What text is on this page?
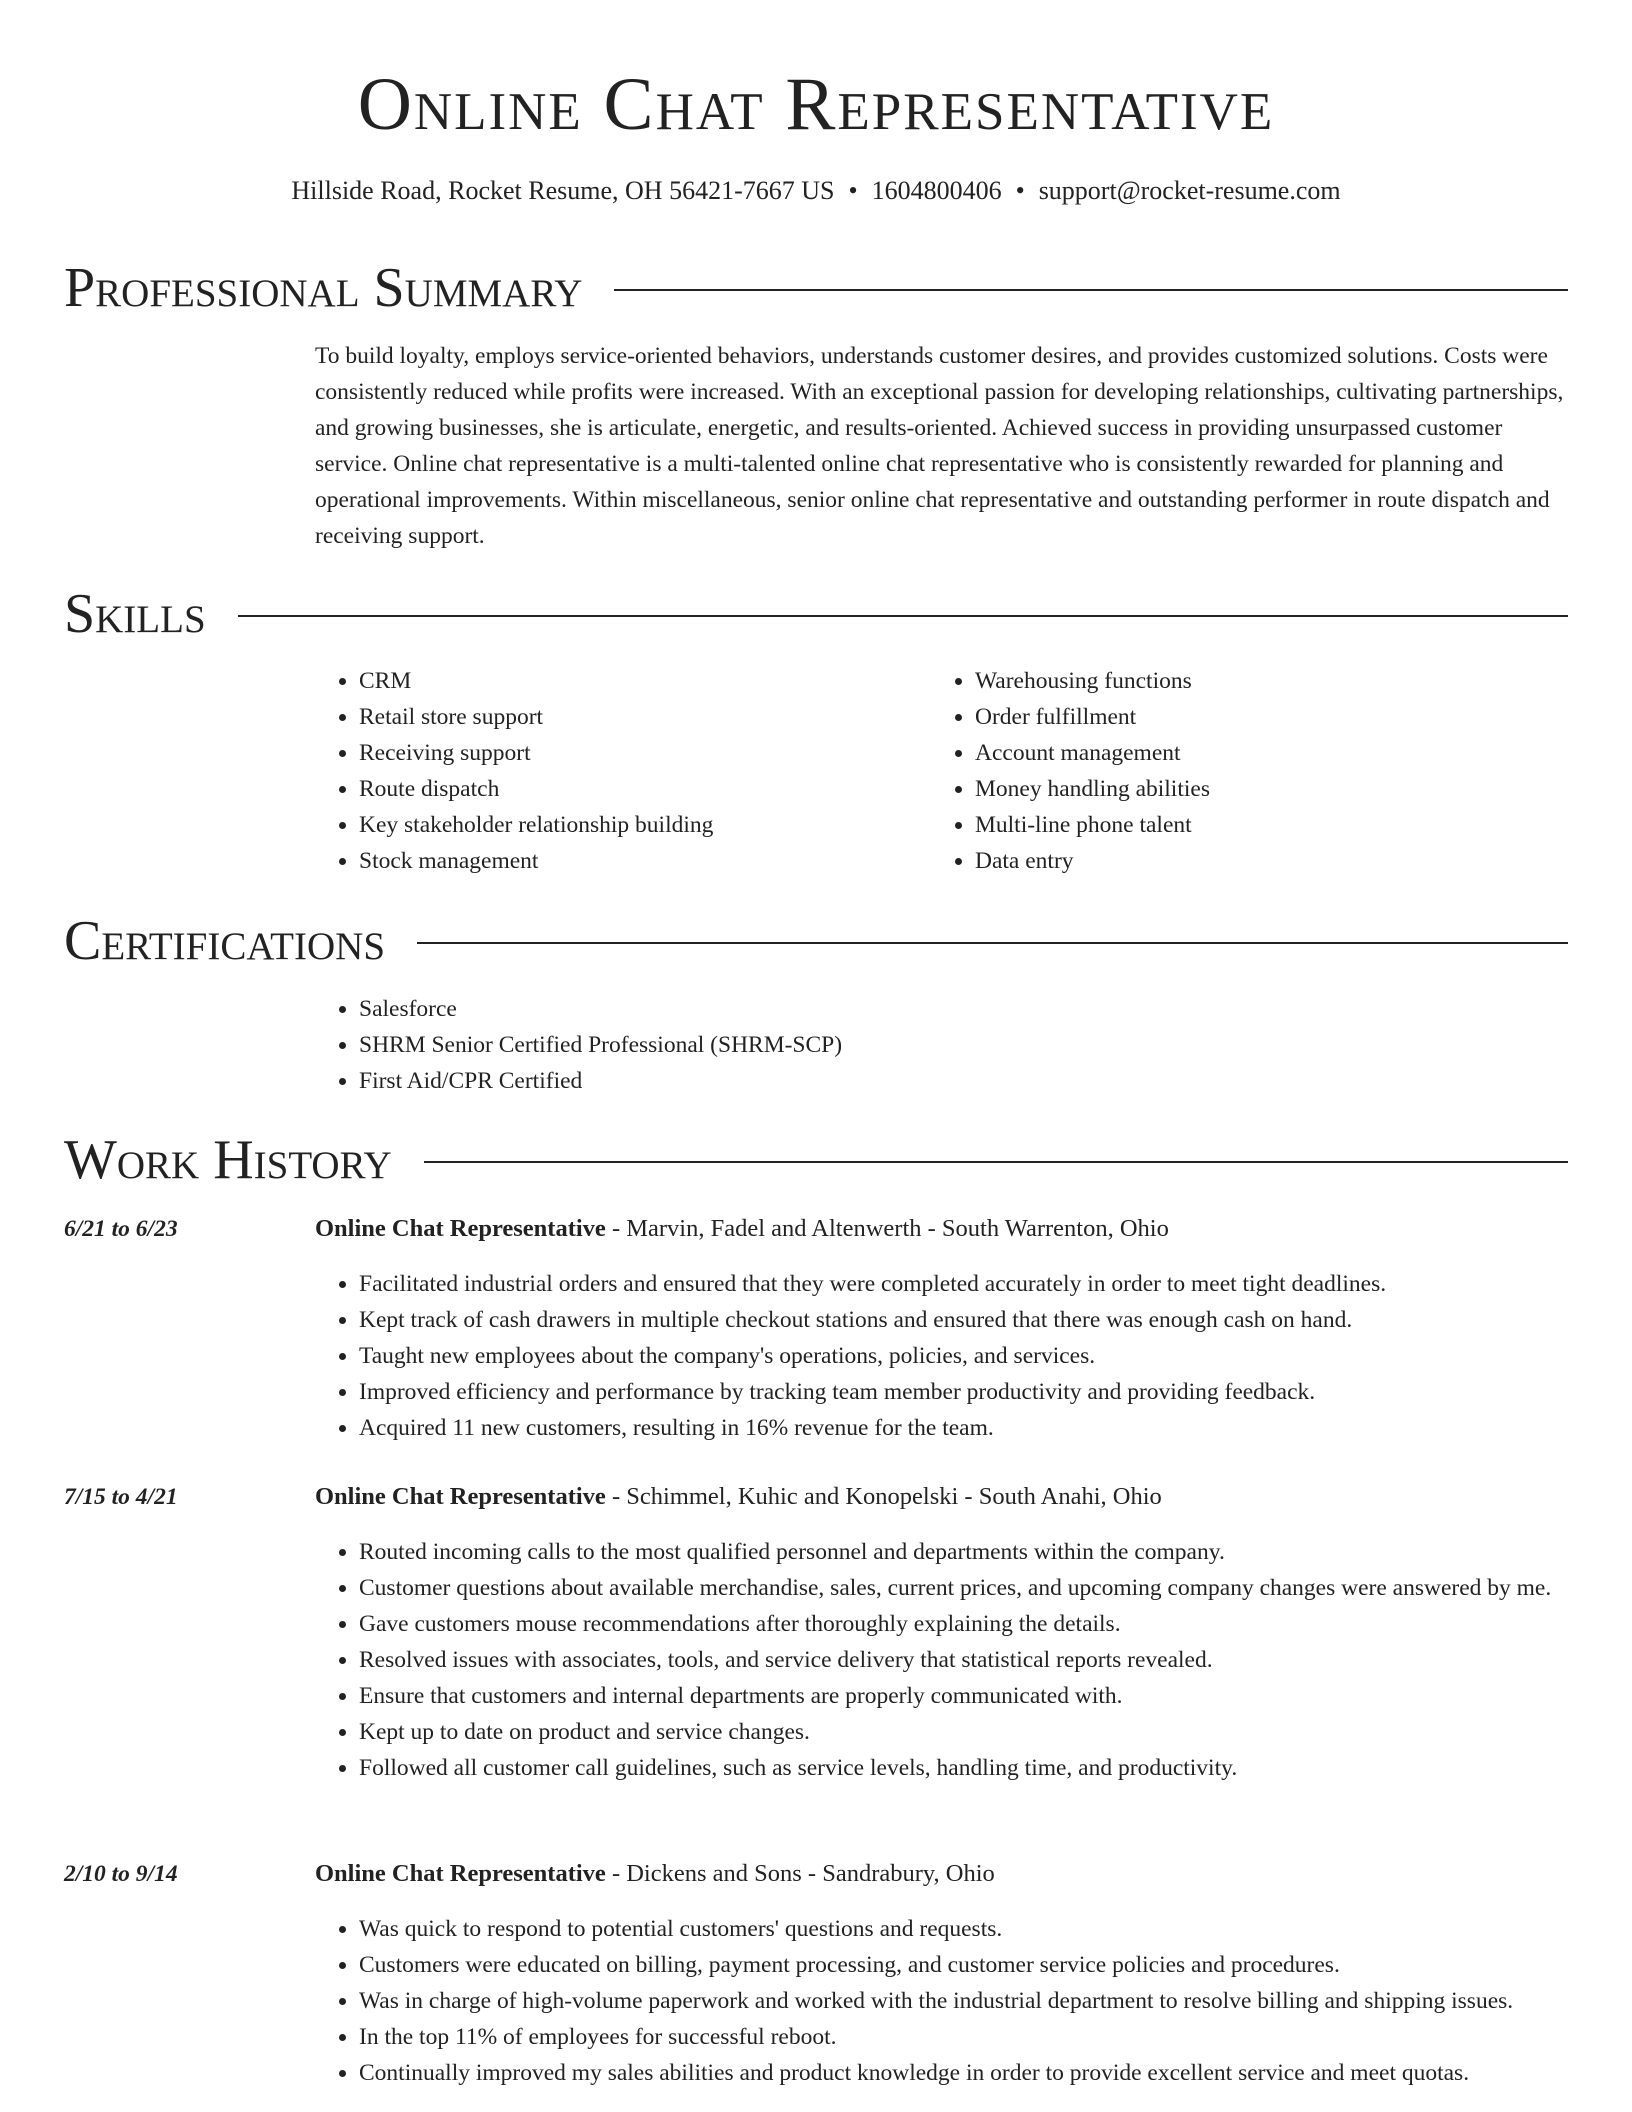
Online Chat Representative
Hillside Road, Rocket Resume, OH 56421-7667 US • 1604800406 • support@rocket-resume.com
Professional Summary
To build loyalty, employs service-oriented behaviors, understands customer desires, and provides customized solutions. Costs were consistently reduced while profits were increased. With an exceptional passion for developing relationships, cultivating partnerships, and growing businesses, she is articulate, energetic, and results-oriented. Achieved success in providing unsurpassed customer service. Online chat representative is a multi-talented online chat representative who is consistently rewarded for planning and operational improvements. Within miscellaneous, senior online chat representative and outstanding performer in route dispatch and receiving support.
Skills
• CRM
• Retail store support
• Receiving support
• Route dispatch
• Key stakeholder relationship building
• Stock management
• Warehousing functions
• Order fulfillment
• Account management
• Money handling abilities
• Multi-line phone talent
• Data entry
Certifications
• Salesforce
• SHRM Senior Certified Professional (SHRM-SCP)
• First Aid/CPR Certified
Work History
6/21 to 6/23	Online Chat Representative - Marvin, Fadel and Altenwerth - South Warrenton, Ohio
• Facilitated industrial orders and ensured that they were completed accurately in order to meet tight deadlines.
• Kept track of cash drawers in multiple checkout stations and ensured that there was enough cash on hand.
• Taught new employees about the company's operations, policies, and services.
• Improved efficiency and performance by tracking team member productivity and providing feedback.
• Acquired 11 new customers, resulting in 16% revenue for the team.
7/15 to 4/21	Online Chat Representative - Schimmel, Kuhic and Konopelski - South Anahi, Ohio
• Routed incoming calls to the most qualified personnel and departments within the company.
• Customer questions about available merchandise, sales, current prices, and upcoming company changes were answered by me.
• Gave customers mouse recommendations after thoroughly explaining the details.
• Resolved issues with associates, tools, and service delivery that statistical reports revealed.
• Ensure that customers and internal departments are properly communicated with.
• Kept up to date on product and service changes.
• Followed all customer call guidelines, such as service levels, handling time, and productivity.
2/10 to 9/14	Online Chat Representative - Dickens and Sons - Sandrabury, Ohio
• Was quick to respond to potential customers' questions and requests.
• Customers were educated on billing, payment processing, and customer service policies and procedures.
• Was in charge of high-volume paperwork and worked with the industrial department to resolve billing and shipping issues.
• In the top 11% of employees for successful reboot.
• Continually improved my sales abilities and product knowledge in order to provide excellent service and meet quotas.
